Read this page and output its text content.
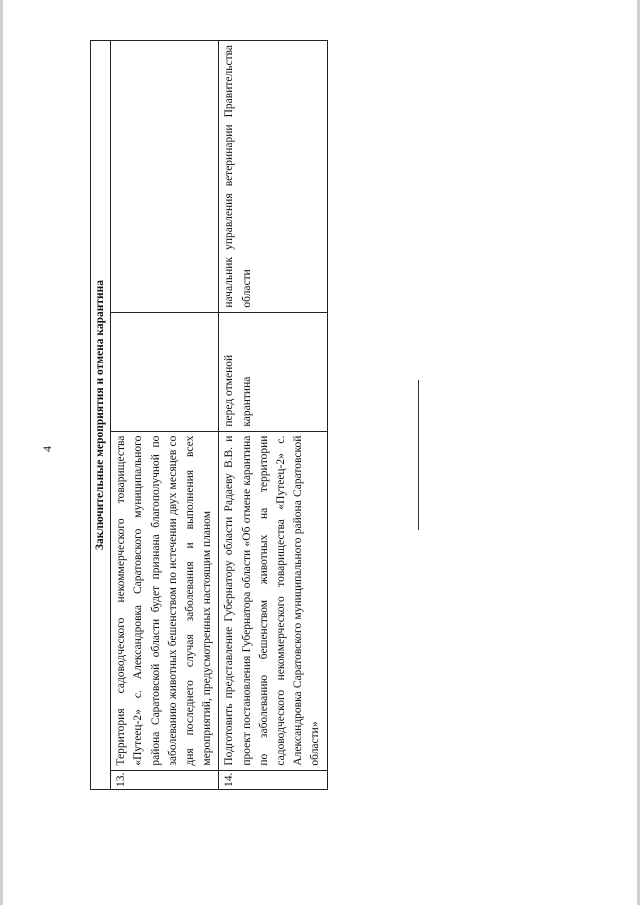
4	Заключительные мероприятия и отмена карантина			
13.	Территория садоводческого некоммерческого товарищества «Путеец-2» с. Александровка Саратовского муниципального района Саратовской области будет признана благополучной по заболеванию животных бешенством по истечении двух месяцев со дня последнего случая заболевания и выполнения всех мероприятий, предусмотренных настоящим планом		
14.	Подготовить представление Губернатору области Радаеву В.В. и проект постановления Губернатора области «Об отмене карантина по заболеванию бешенством животных на территории садоводческого некоммерческого товарищества «Путеец-2» с. Александровка Саратовского муниципального района Саратовской области»	перед отменой карантина	начальник управления ветеринарии Правительства области
